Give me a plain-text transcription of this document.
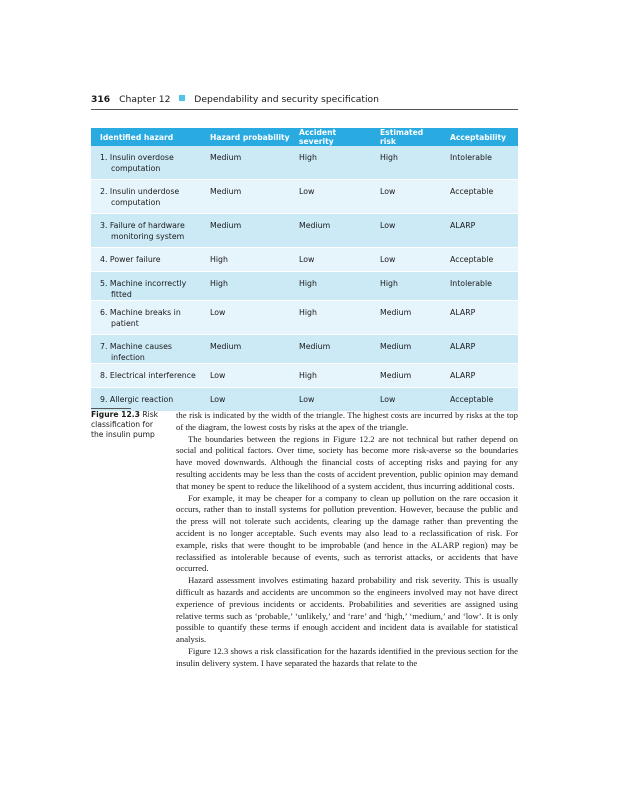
316 Chapter 12	Dependability and security specification
Identified hazard	Hazard probability	Accident severity	Estimated risk	Acceptability

1. Insulin overdose computation	Medium	High	High	Intolerable

2. Insulin underdose computation	Medium	Low	Low	Acceptable

3. Failure of hardware monitoring system	Medium	Medium	Low	ALARP

4. Power failure	High	Low	Low	Acceptable

5. Machine incorrectly fitted	High	High	High	Intolerable

6. Machine breaks in patient	Low	High	Medium	ALARP

7. Machine causes infection	Medium	Medium	Medium	ALARP

8. Electrical interference	Low	High	Medium	ALARP

9. Allergic reaction	Low	Low	Low	Acceptable
Figure 12.3 Risk classification for the insulin pump

the risk is indicated by the width of the triangle. The highest costs are incurred by risks at the top of the diagram, the lowest costs by risks at the apex of the triangle.

The boundaries between the regions in Figure 12.2 are not technical but rather depend on social and political factors. Over time, society has become more risk-averse so the boundaries have moved downwards. Although the financial costs of accepting risks and paying for any resulting accidents may be less than the costs of accident prevention, public opinion may demand that money be spent to reduce the likelihood of a system accident, thus incurring additional costs.

For example, it may be cheaper for a company to clean up pollution on the rare occasion it occurs, rather than to install systems for pollution prevention. However, because the public and the press will not tolerate such accidents, clearing up the damage rather than preventing the accident is no longer acceptable. Such events may also lead to a reclassification of risk. For example, risks that were thought to be improbable (and hence in the ALARP region) may be reclassified as intolerable because of events, such as terrorist attacks, or accidents that have occurred.

Hazard assessment involves estimating hazard probability and risk severity. This is usually difficult as hazards and accidents are uncommon so the engineers involved may not have direct experience of previous incidents or accidents. Probabilities and severities are assigned using relative terms such as ‘probable,’ ‘unlikely,’ and ‘rare’ and ‘high,’ ‘medium,’ and ‘low’. It is only possible to quantify these terms if enough accident and incident data is available for statistical analysis.

Figure 12.3 shows a risk classification for the hazards identified in the previous section for the insulin delivery system. I have separated the hazards that relate to the
